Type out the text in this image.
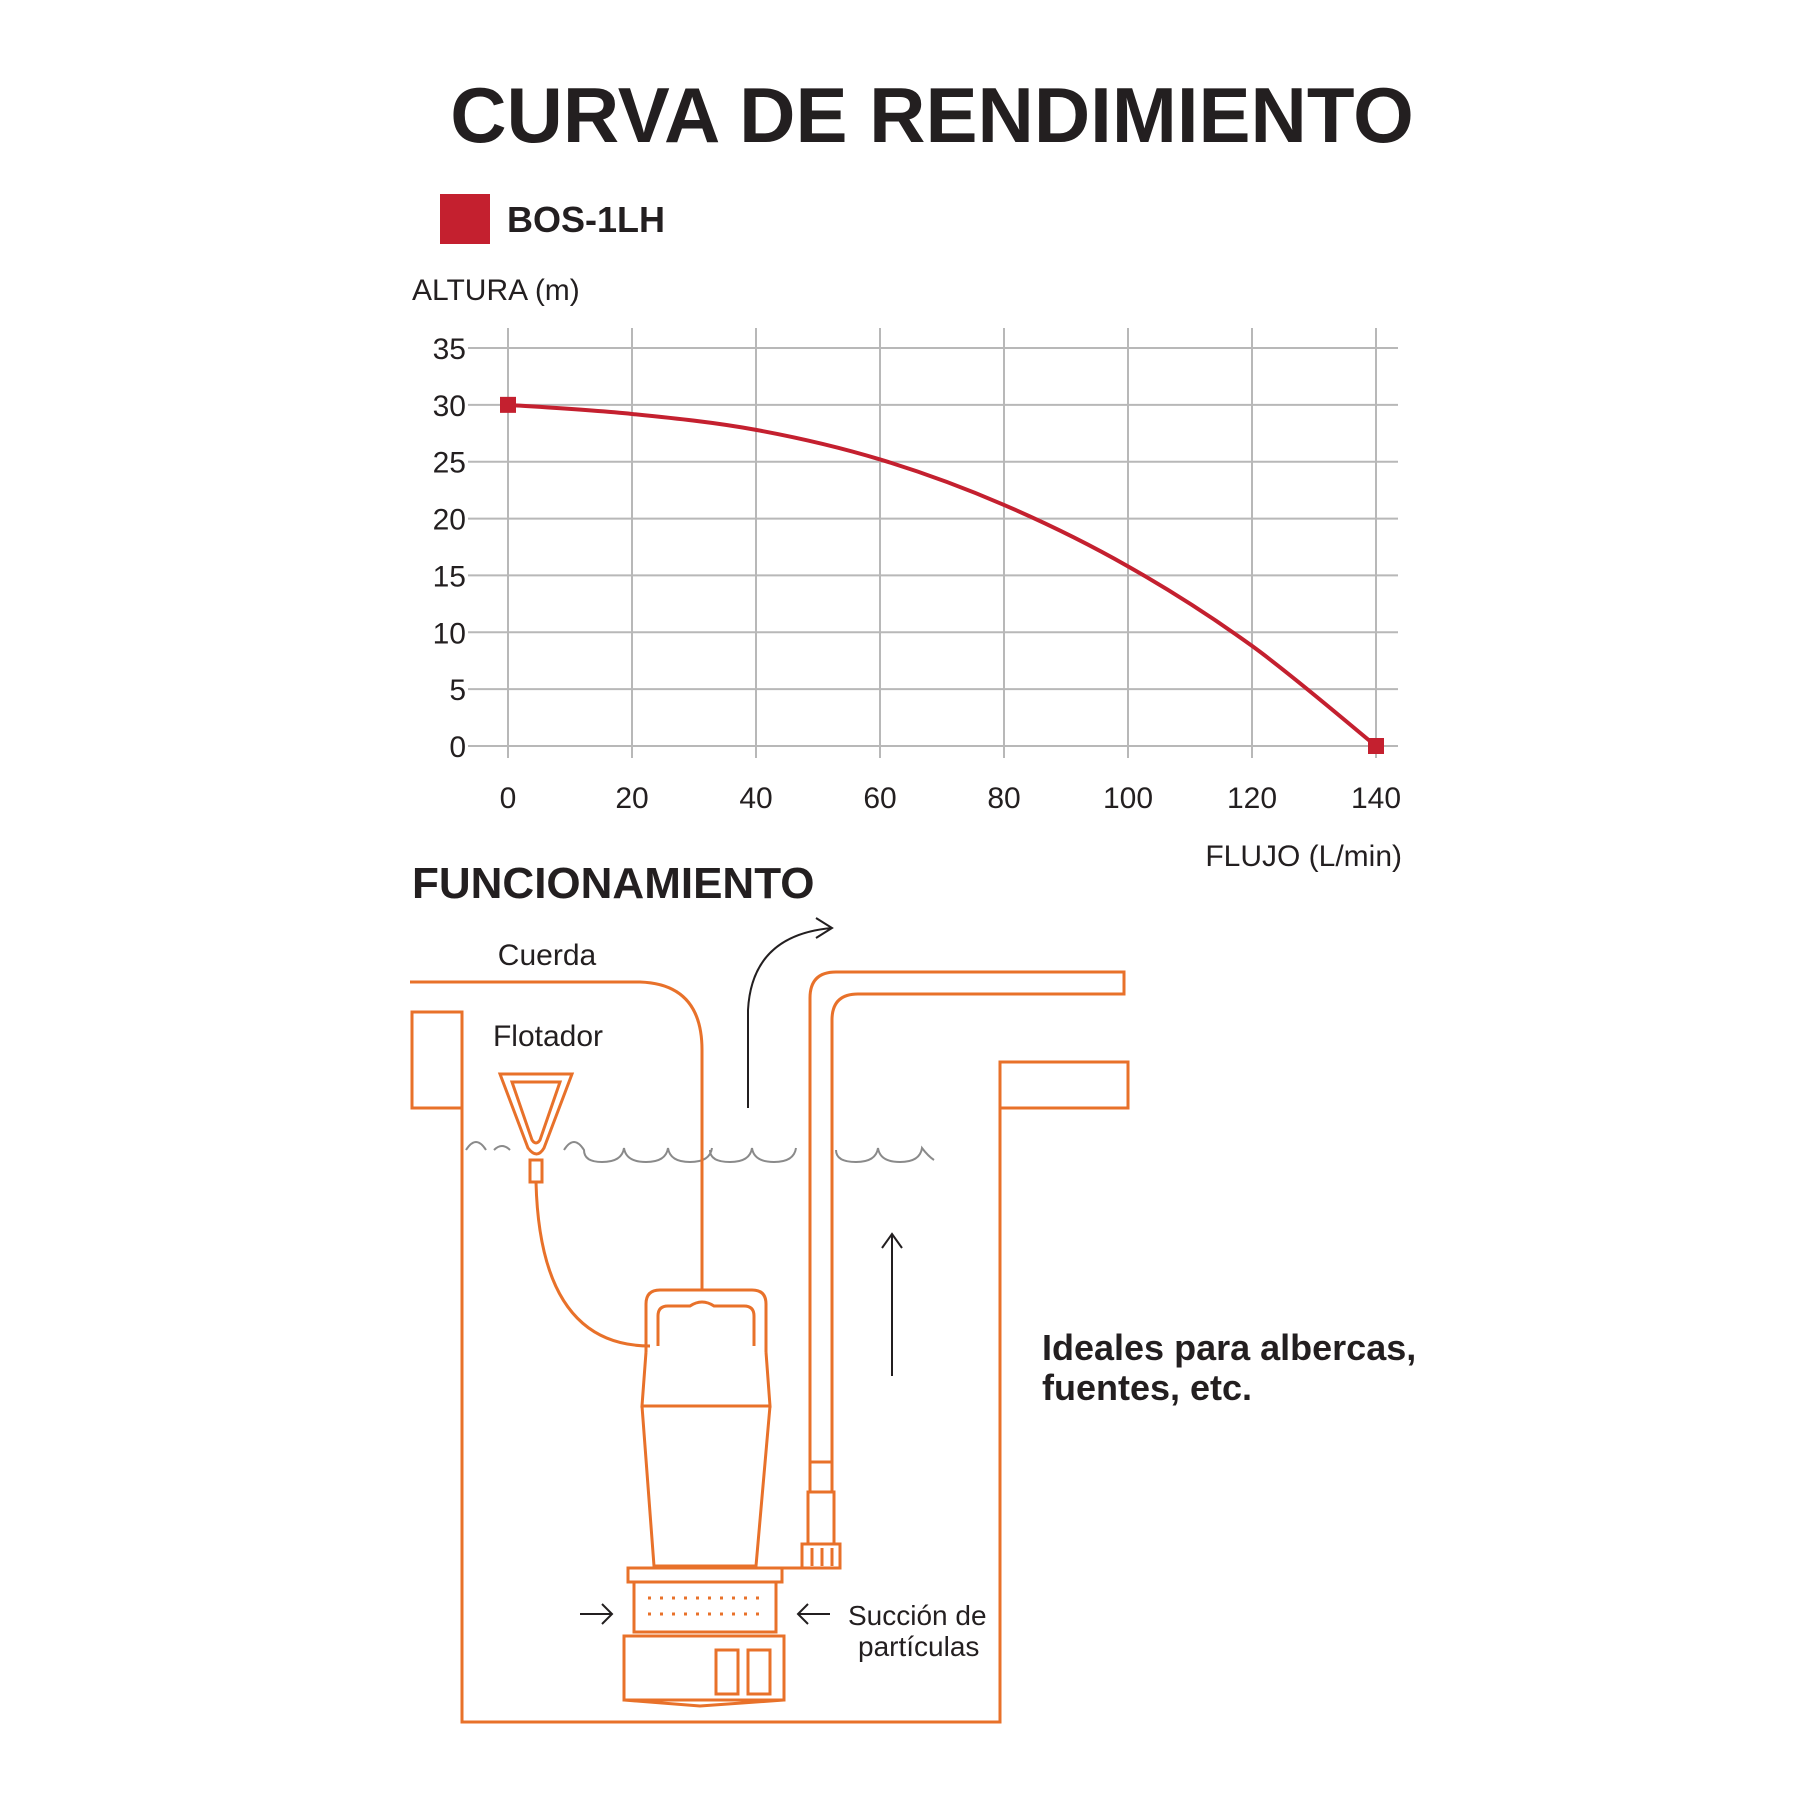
CURVA DE RENDIMIENTO
BOS-1LH
ALTURA (m)
FLUJO (L/min)
0
5
10
15
20
25
30
35
0	20	40	60	80	100 120 140
FUNCIONAMIENTO
Cuerda
Flotador
Succión de
partículas
Ideales para albercas,
fuentes, etc.
